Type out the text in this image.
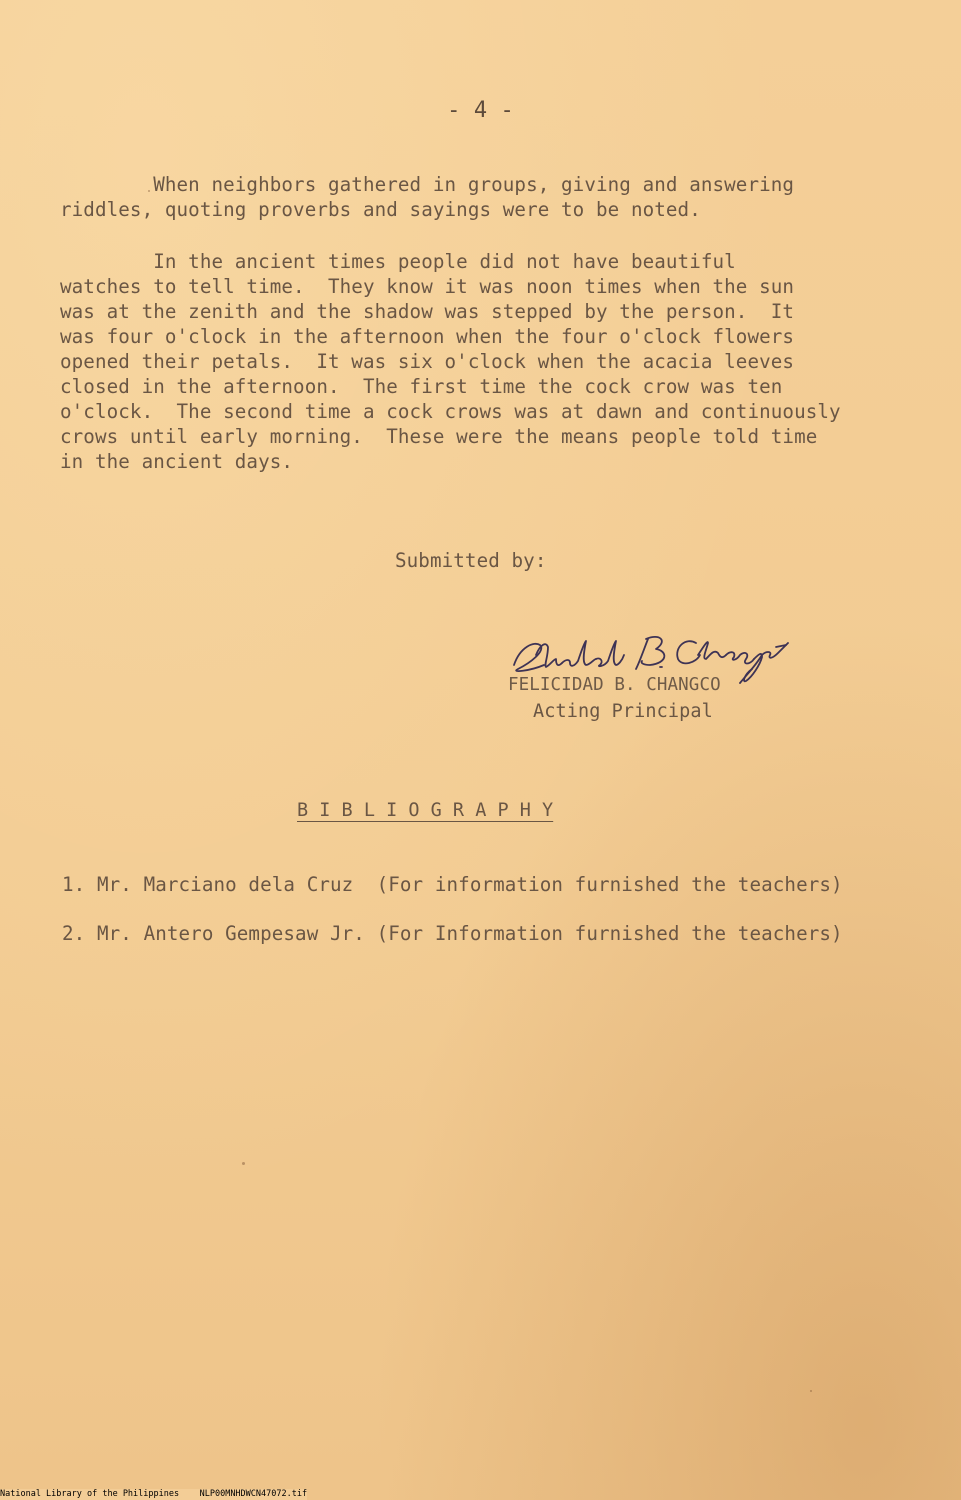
- 4 -
When neighbors gathered in groups, giving and answering
riddles, quoting proverbs and sayings were to be noted.
In the ancient times people did not have beautiful
watches to tell time.  They know it was noon times when the sun
was at the zenith and the shadow was stepped by the person.  It
was four o'clock in the afternoon when the four o'clock flowers
opened their petals.  It was six o'clock when the acacia leeves
closed in the afternoon.  The first time the cock crow was ten
o'clock.  The second time a cock crows was at dawn and continuously
crows until early morning.  These were the means people told time
in the ancient days.
Submitted by:
FELICIDAD B. CHANGCO
Acting Principal
B I B L I O G R A P H Y
1. Mr. Marciano dela Cruz  (For information furnished the teachers)
2. Mr. Antero Gempesaw Jr. (For Information furnished the teachers)
National Library of the Philippines NLP00MNHDWCN47072.tif
